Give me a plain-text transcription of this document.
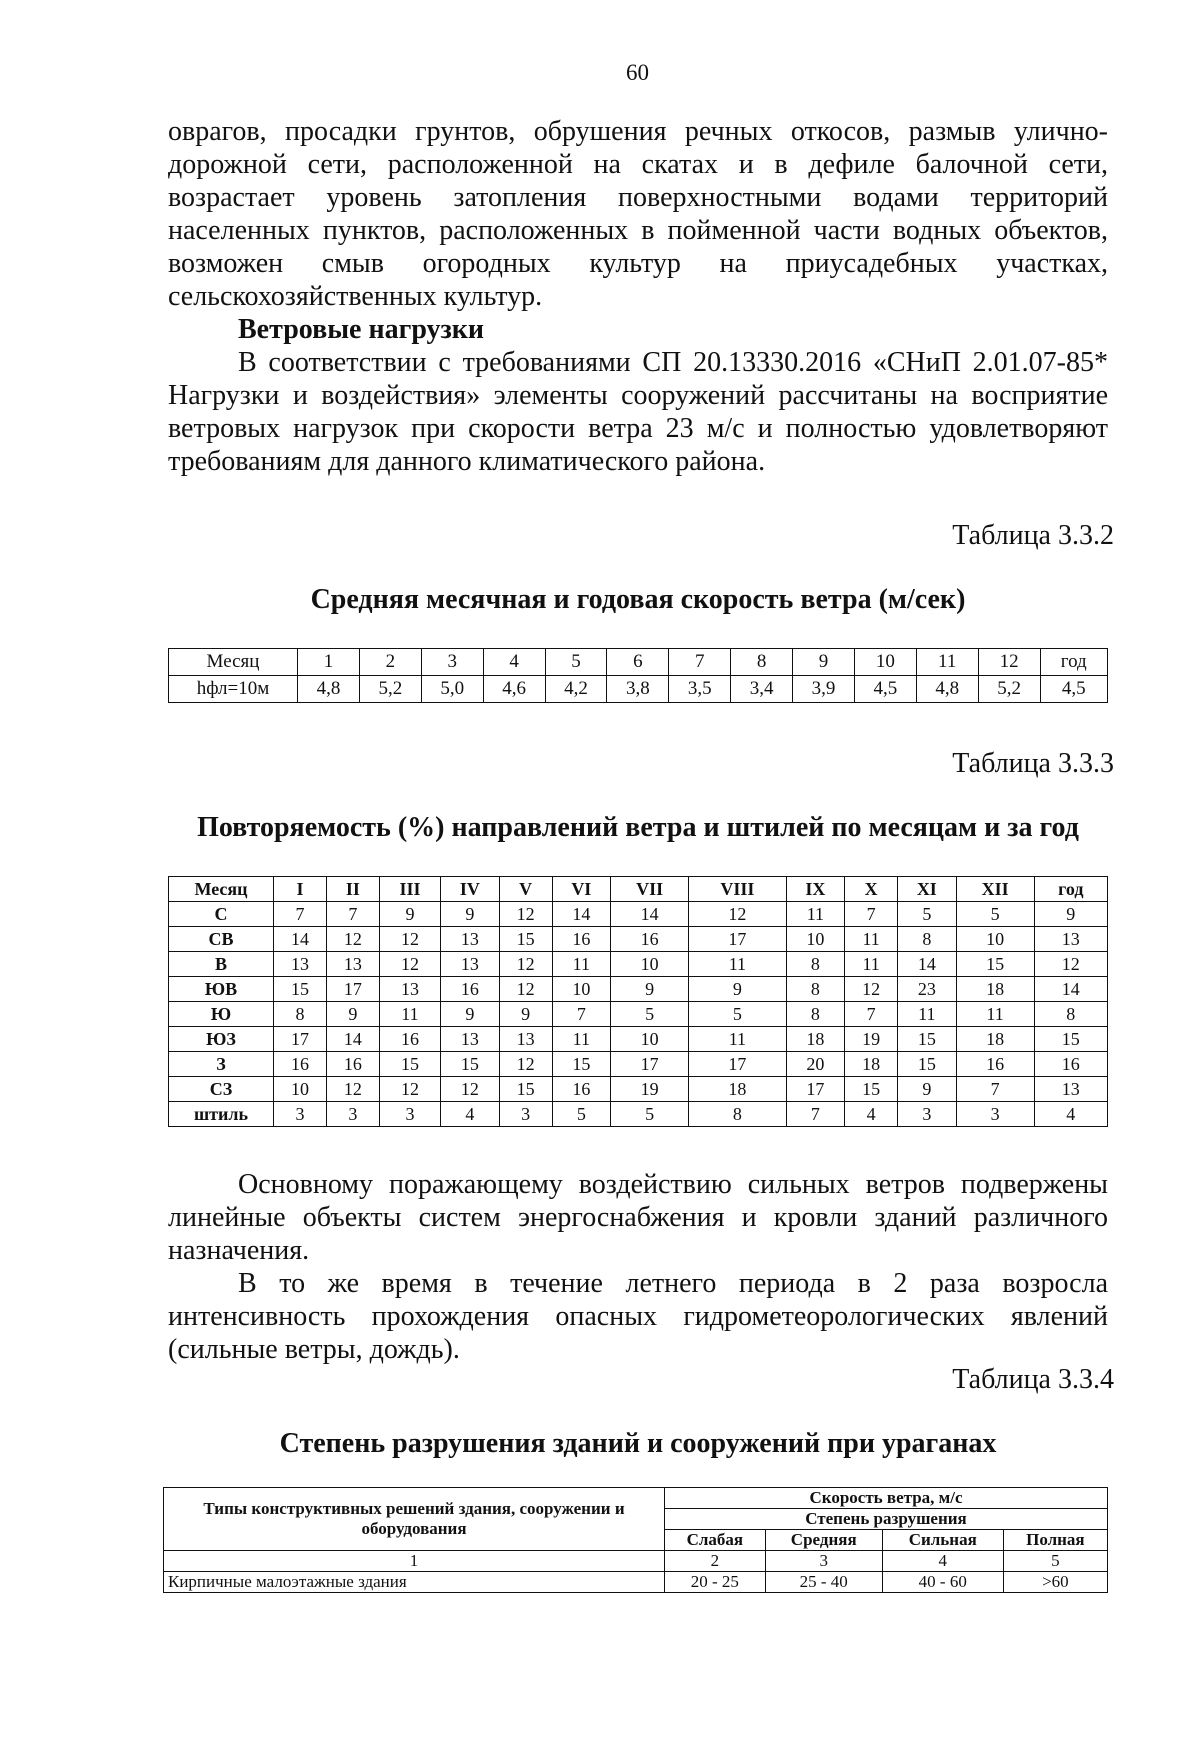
60

оврагов, просадки грунтов, обрушения речных откосов, размыв улично-дорожной сети, расположенной на скатах и в дефиле балочной сети, возрастает уровень затопления поверхностными водами территорий населенных пунктов, расположенных в пойменной части водных объектов, возможен смыв огородных культур на приусадебных участках, сельскохозяйственных культур.

Ветровые нагрузки

В соответствии с требованиями СП 20.13330.2016 «СНиП 2.01.07-85* Нагрузки и воздействия» элементы сооружений рассчитаны на восприятие ветровых нагрузок при скорости ветра 23 м/с и полностью удовлетворяют требованиям для данного климатического района.

Таблица 3.3.2
Средняя месячная и годовая скорость ветра (м/сек)
Месяц	1	2	3	4	5	6	7	8	9	10	11	12	год
hфл=10м	4,8	5,2	5,0	4,6	4,2	3,8	3,5	3,4	3,9	4,5	4,8	5,2	4,5
Таблица 3.3.3
Повторяемость (%) направлений ветра и штилей по месяцам и за год
Месяц	I	II	III	IV	V	VI	VII	VIII	IX	X	XI	XII	год
С	7	7	9	9	12	14	14	12	11	7	5	5	9
СВ	14	12	12	13	15	16	16	17	10	11	8	10	13
В	13	13	12	13	12	11	10	11	8	11	14	15	12
ЮВ	15	17	13	16	12	10	9	9	8	12	23	18	14
Ю	8	9	11	9	9	7	5	5	8	7	11	11	8
ЮЗ	17	14	16	13	13	11	10	11	18	19	15	18	15
З	16	16	15	15	12	15	17	17	20	18	15	16	16
СЗ	10	12	12	12	15	16	19	18	17	15	9	7	13
штиль	3	3	3	4	3	5	5	8	7	4	3	3	4

Основному поражающему воздействию сильных ветров подвержены линейные объекты систем энергоснабжения и кровли зданий различного назначения.

В то же время в течение летнего периода в 2 раза возросла интенсивность прохождения опасных гидрометеорологических явлений (сильные ветры, дождь).

Таблица 3.3.4
Степень разрушения зданий и сооружений при ураганах
Типы конструктивных решений здания, сооружении и оборудования	Скорость ветра, м/с			
	Степень разрушения			
	Слабая	Средняя	Сильная	Полная
1	2	3	4	5
Кирпичные малоэтажные здания	20 - 25	25 - 40	40 - 60	>60
